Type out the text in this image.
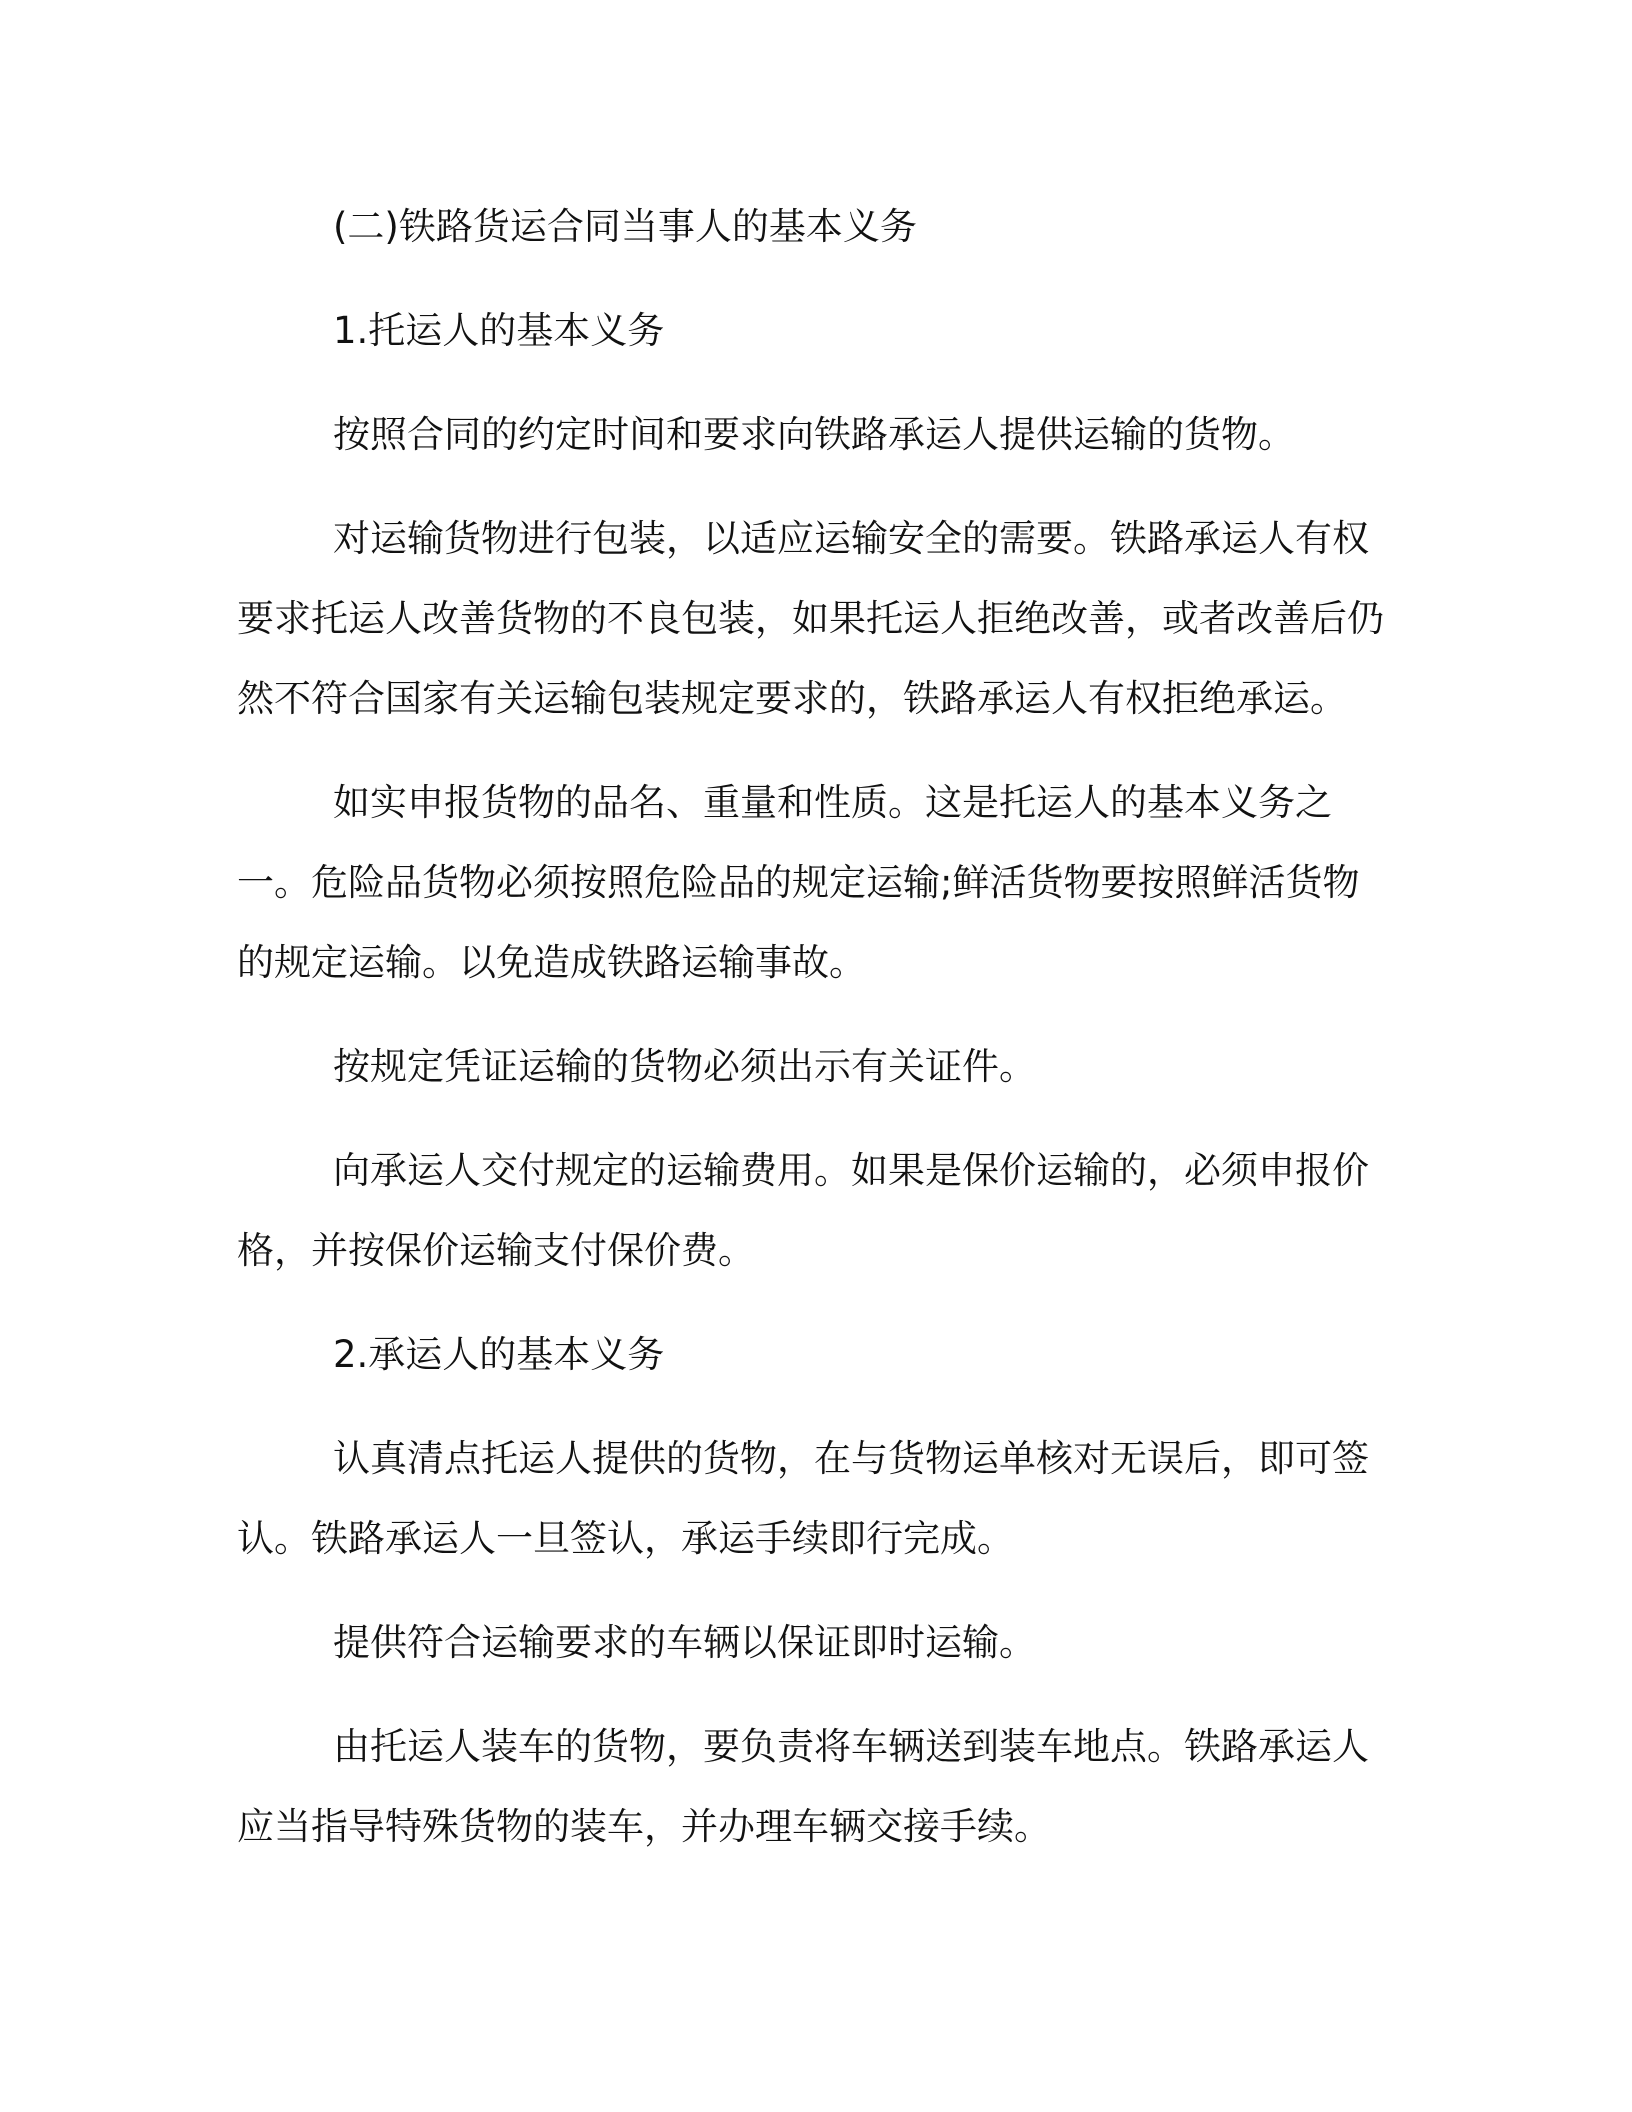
(二)铁路货运合同当事人的基本义务

1.托运人的基本义务

按照合同的约定时间和要求向铁路承运人提供运输的货物。

对运输货物进行包装，以适应运输安全的需要。铁路承运人有权要求托运人改善货物的不良包装，如果托运人拒绝改善，或者改善后仍然不符合国家有关运输包装规定要求的，铁路承运人有权拒绝承运。

如实申报货物的品名、重量和性质。这是托运人的基本义务之一。危险品货物必须按照危险品的规定运输;鲜活货物要按照鲜活货物的规定运输。以免造成铁路运输事故。

按规定凭证运输的货物必须出示有关证件。

向承运人交付规定的运输费用。如果是保价运输的，必须申报价格，并按保价运输支付保价费。

2.承运人的基本义务

认真清点托运人提供的货物，在与货物运单核对无误后，即可签认。铁路承运人一旦签认，承运手续即行完成。

提供符合运输要求的车辆以保证即时运输。

由托运人装车的货物，要负责将车辆送到装车地点。铁路承运人应当指导特殊货物的装车，并办理车辆交接手续。
